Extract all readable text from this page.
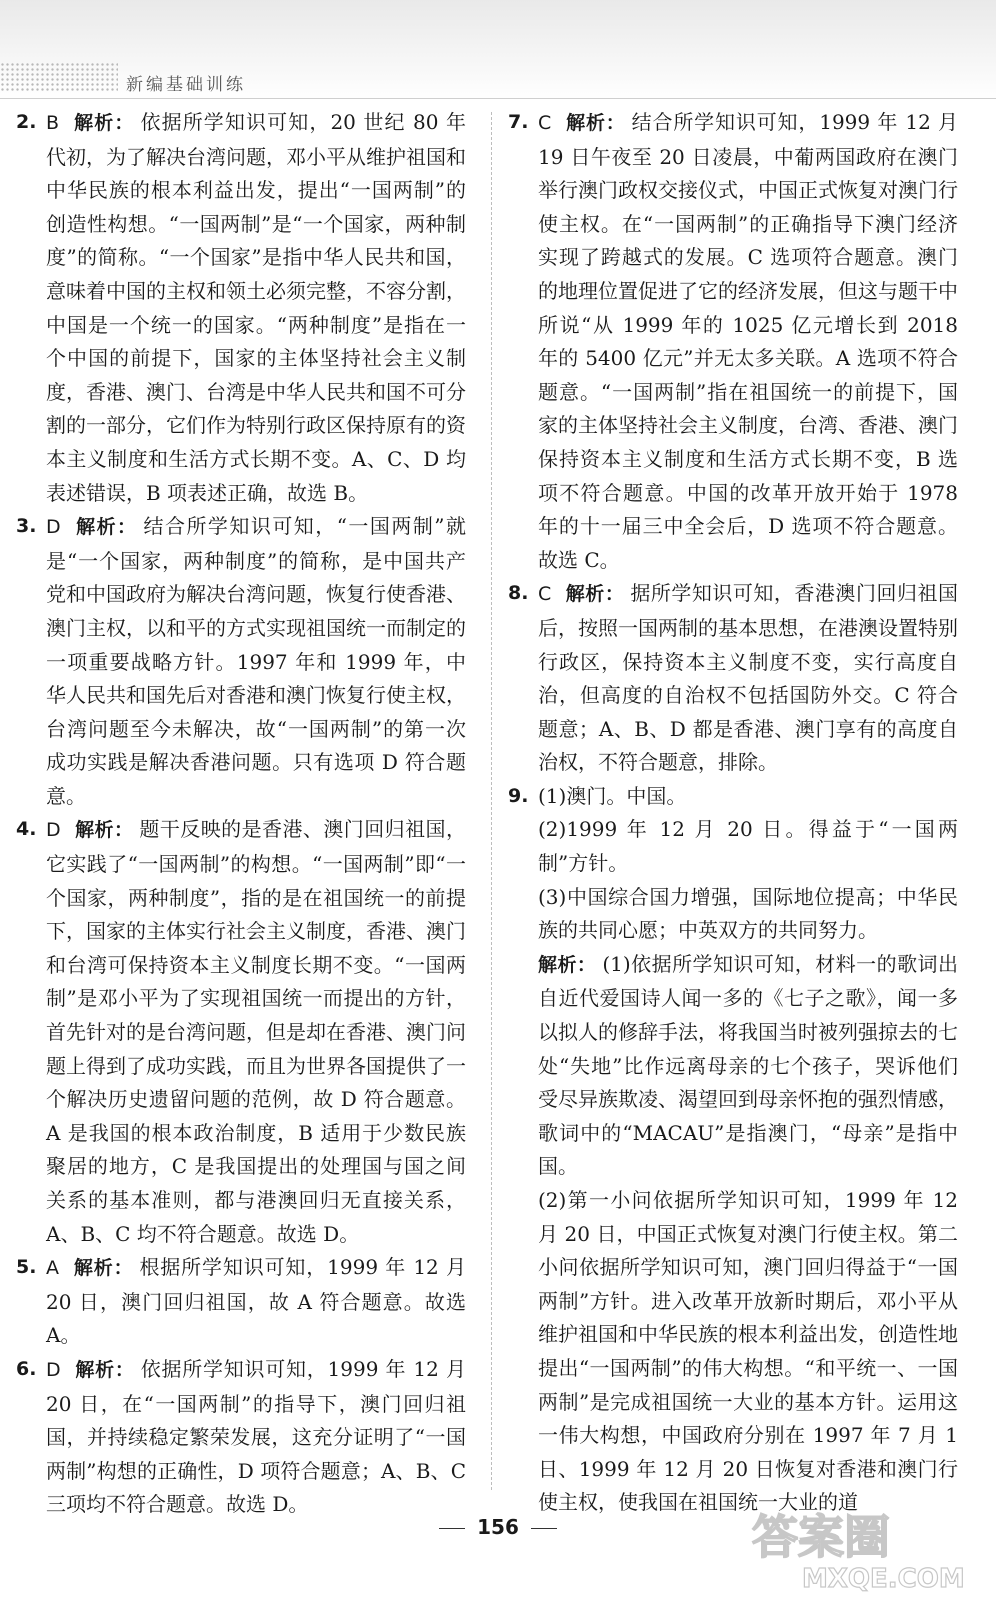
新编基础训练
2. B 解析： 依据所学知识可知，20 世纪 80 年代初，为了解决台湾问题，邓小平从维护祖国和中华民族的根本利益出发，提出“一国两制”的创造性构想。“一国两制”是“一个国家，两种制度”的简称。“一个国家”是指中华人民共和国，意味着中国的主权和领土必须完整，不容分割，中国是一个统一的国家。“两种制度”是指在一个中国的前提下，国家的主体坚持社会主义制度，香港、澳门、台湾是中华人民共和国不可分割的一部分，它们作为特别行政区保持原有的资本主义制度和生活方式长期不变。A、C、D 均表述错误，B 项表述正确，故选 B。
3. D 解析： 结合所学知识可知，“一国两制”就是“一个国家，两种制度”的简称，是中国共产党和中国政府为解决台湾问题，恢复行使香港、澳门主权，以和平的方式实现祖国统一而制定的一项重要战略方针。1997 年和 1999 年，中华人民共和国先后对香港和澳门恢复行使主权，台湾问题至今未解决，故“一国两制”的第一次成功实践是解决香港问题。只有选项 D 符合题意。
4. D 解析： 题干反映的是香港、澳门回归祖国，它实践了“一国两制”的构想。“一国两制”即“一个国家，两种制度”，指的是在祖国统一的前提下，国家的主体实行社会主义制度，香港、澳门和台湾可保持资本主义制度长期不变。“一国两制”是邓小平为了实现祖国统一而提出的方针，首先针对的是台湾问题，但是却在香港、澳门问题上得到了成功实践，而且为世界各国提供了一个解决历史遗留问题的范例，故 D 符合题意。A 是我国的根本政治制度，B 适用于少数民族聚居的地方，C 是我国提出的处理国与国之间关系的基本准则，都与港澳回归无直接关系，A、B、C 均不符合题意。故选 D。
5. A 解析： 根据所学知识可知，1999 年 12 月 20 日，澳门回归祖国，故 A 符合题意。故选 A。
6. D 解析： 依据所学知识可知，1999 年 12 月 20 日，在“一国两制”的指导下，澳门回归祖国，并持续稳定繁荣发展，这充分证明了“一国两制”构想的正确性，D 项符合题意；A、B、C 三项均不符合题意。故选 D。
7. C 解析： 结合所学知识可知，1999 年 12 月 19 日午夜至 20 日凌晨，中葡两国政府在澳门举行澳门政权交接仪式，中国正式恢复对澳门行使主权。在“一国两制”的正确指导下澳门经济实现了跨越式的发展。C 选项符合题意。澳门的地理位置促进了它的经济发展，但这与题干中所说“从 1999 年的 1025 亿元增长到 2018 年的 5400 亿元”并无太多关联。A 选项不符合题意。“一国两制”指在祖国统一的前提下，国家的主体坚持社会主义制度，台湾、香港、澳门保持资本主义制度和生活方式长期不变，B 选项不符合题意。中国的改革开放开始于 1978 年的十一届三中全会后，D 选项不符合题意。故选 C。
8. C 解析： 据所学知识可知，香港澳门回归祖国后，按照一国两制的基本思想，在港澳设置特别行政区，保持资本主义制度不变，实行高度自治，但高度的自治权不包括国防外交。C 符合题意；A、B、D 都是香港、澳门享有的高度自治权，不符合题意，排除。
9. (1)澳门。中国。
(2)1999 年 12 月 20 日。得益于“一国两制”方针。
(3)中国综合国力增强，国际地位提高；中华民族的共同心愿；中英双方的共同努力。
解析： (1)依据所学知识可知，材料一的歌词出自近代爱国诗人闻一多的《七子之歌》，闻一多以拟人的修辞手法，将我国当时被列强掠去的七处“失地”比作远离母亲的七个孩子，哭诉他们受尽异族欺凌、渴望回到母亲怀抱的强烈情感，歌词中的“MACAU”是指澳门，“母亲”是指中国。
(2)第一小问依据所学知识可知，1999 年 12 月 20 日，中国正式恢复对澳门行使主权。第二小问依据所学知识可知，澳门回归得益于“一国两制”方针。进入改革开放新时期后，邓小平从维护祖国和中华民族的根本利益出发，创造性地提出“一国两制”的伟大构想。“和平统一、一国两制”是完成祖国统一大业的基本方针。运用这一伟大构想，中国政府分别在 1997 年 7 月 1 日、1999 年 12 月 20 日恢复对香港和澳门行使主权，使我国在祖国统一大业的道
156	答案圈
MXQE.COM
